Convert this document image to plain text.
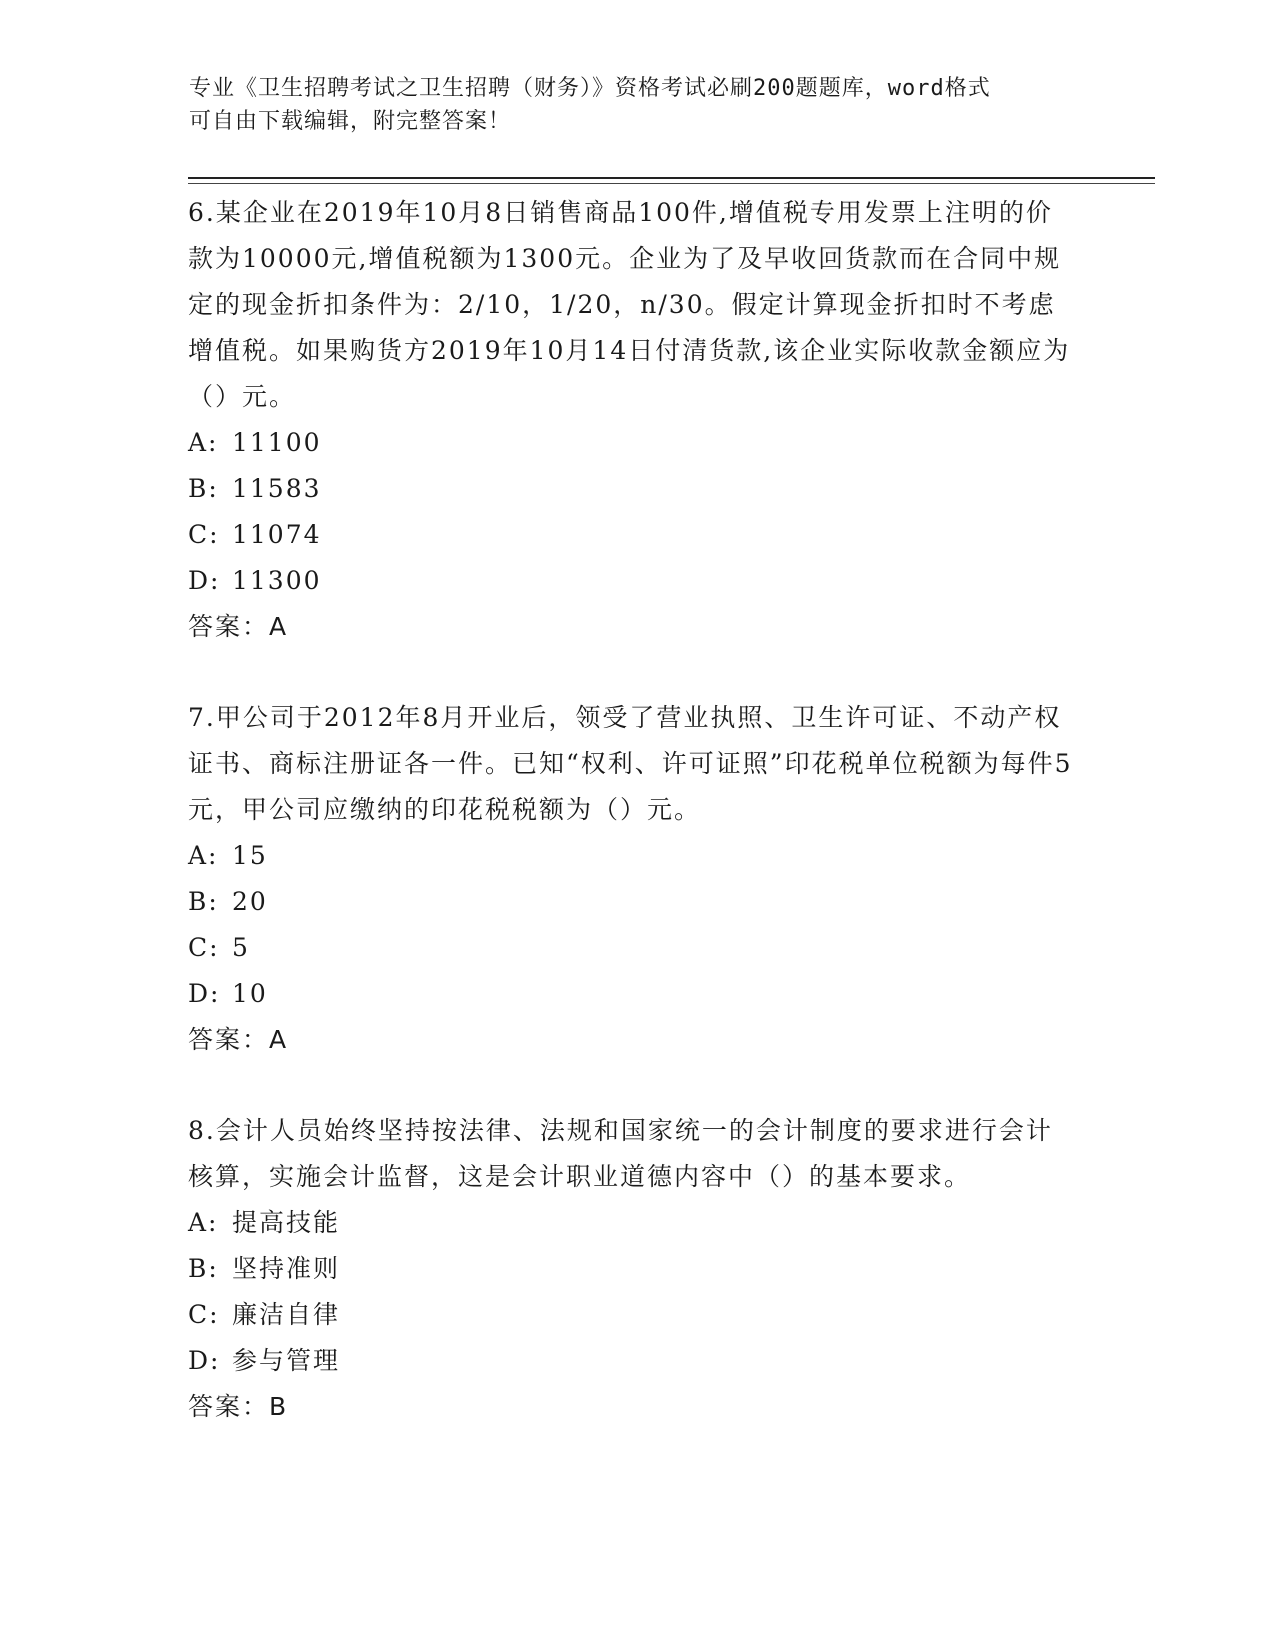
专业《卫生招聘考试之卫生招聘（财务）》资格考试必刷200题题库，word格式
可自由下载编辑，附完整答案！

6.某企业在2019年10月8日销售商品100件,增值税专用发票上注明的价款为10000元,增值税额为1300元。企业为了及早收回货款而在合同中规定的现金折扣条件为：2/10，1/20，n/30。假定计算现金折扣时不考虑增值税。如果购货方2019年10月14日付清货款,该企业实际收款金额应为（）元。

A: 11100
B: 11583
C: 11074
D: 11300
答案：A

7.甲公司于2012年8月开业后，领受了营业执照、卫生许可证、不动产权证书、商标注册证各一件。已知“权利、许可证照”印花税单位税额为每件5元，甲公司应缴纳的印花税税额为（）元。

A: 15
B: 20
C: 5
D: 10
答案：A

8.会计人员始终坚持按法律、法规和国家统一的会计制度的要求进行会计核算，实施会计监督，这是会计职业道德内容中（）的基本要求。

A: 提高技能
B: 坚持准则
C: 廉洁自律
D: 参与管理
答案：B
